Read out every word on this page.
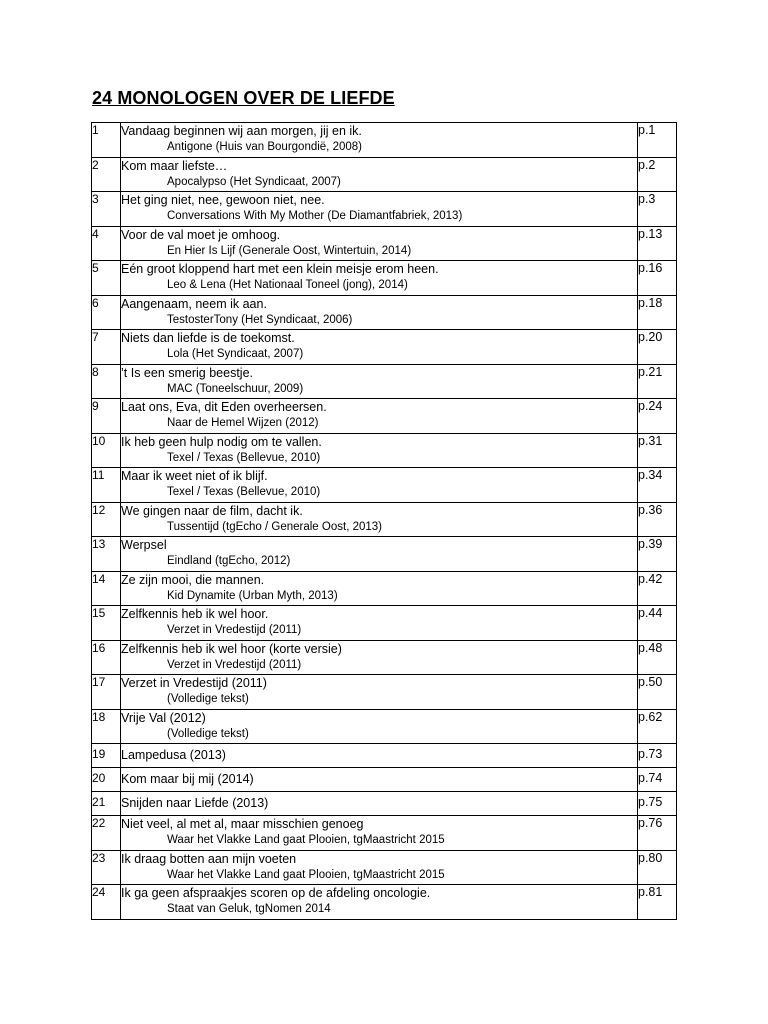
24 MONOLOGEN OVER DE LIEFDE
1	Vandaag beginnen wij aan morgen, jij en ik.
Antigone (Huis van Bourgondië, 2008)	p.1
2	Kom maar liefste…
Apocalypso (Het Syndicaat, 2007)	p.2
3	Het ging niet, nee, gewoon niet, nee.
Conversations With My Mother (De Diamantfabriek, 2013)	p.3
4	Voor de val moet je omhoog.
En Hier Is Lijf (Generale Oost, Wintertuin, 2014)	p.13
5	Eén groot kloppend hart met een klein meisje erom heen.
Leo & Lena (Het Nationaal Toneel (jong), 2014)	p.16
6	Aangenaam, neem ik aan.
TestosterTony (Het Syndicaat, 2006)	p.18
7	Niets dan liefde is de toekomst.
Lola (Het Syndicaat, 2007)	p.20
8	’t Is een smerig beestje.
MAC (Toneelschuur, 2009)	p.21
9	Laat ons, Eva, dit Eden overheersen.
Naar de Hemel Wijzen (2012)	p.24
10	Ik heb geen hulp nodig om te vallen.
Texel / Texas (Bellevue, 2010)	p.31
11	Maar ik weet niet of ik blijf.
Texel / Texas (Bellevue, 2010)	p.34
12	We gingen naar de film, dacht ik.
Tussentijd (tgEcho / Generale Oost, 2013)	p.36
13	Werpsel
Eindland (tgEcho, 2012)	p.39
14	Ze zijn mooi, die mannen.
Kid Dynamite (Urban Myth, 2013)	p.42
15	Zelfkennis heb ik wel hoor.
Verzet in Vredestijd (2011)	p.44
16	Zelfkennis heb ik wel hoor (korte versie)
Verzet in Vredestijd (2011)	p.48
17	Verzet in Vredestijd (2011)
(Volledige tekst)	p.50
18	Vrije Val (2012)
(Volledige tekst)	p.62
19	Lampedusa (2013)	p.73
20	Kom maar bij mij (2014)	p.74
21	Snijden naar Liefde (2013)	p.75
22	Niet veel, al met al, maar misschien genoeg
Waar het Vlakke Land gaat Plooien, tgMaastricht 2015	p.76
23	Ik draag botten aan mijn voeten
Waar het Vlakke Land gaat Plooien, tgMaastricht 2015	p.80
24	Ik ga geen afspraakjes scoren op de afdeling oncologie.
Staat van Geluk, tgNomen 2014	p.81
